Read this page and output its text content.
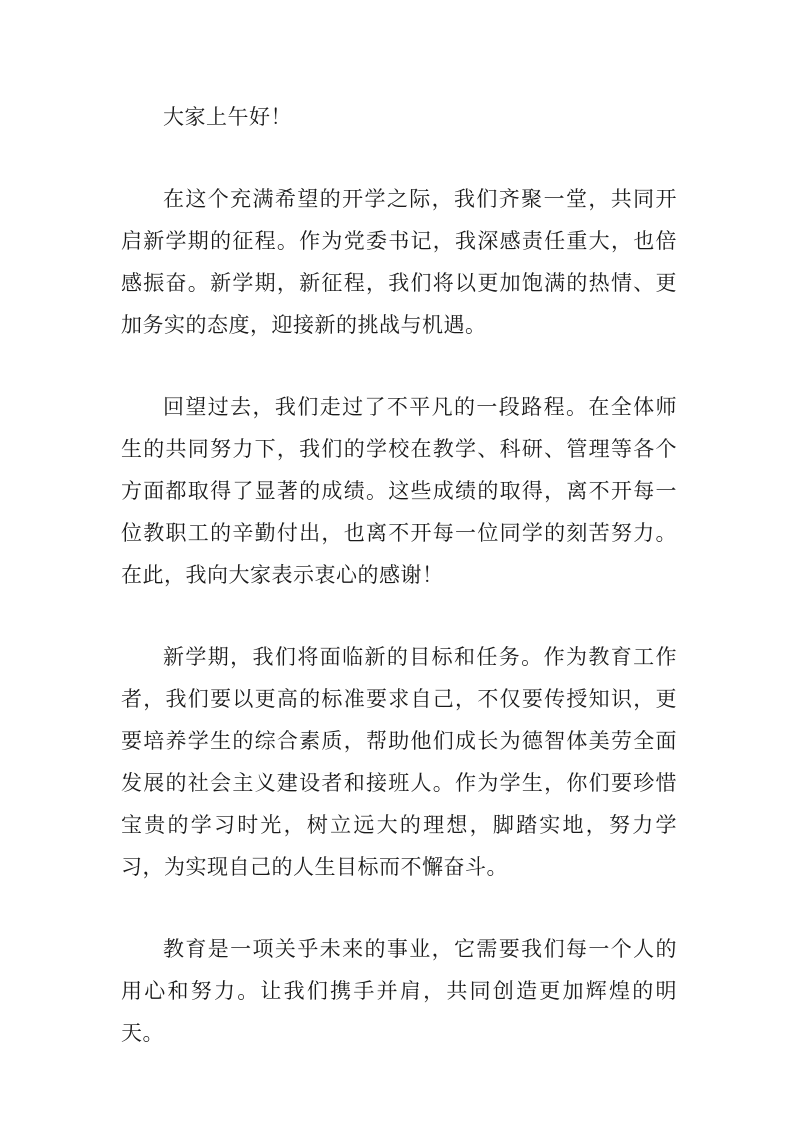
大家上午好！

在这个充满希望的开学之际，我们齐聚一堂，共同开启新学期的征程。作为党委书记，我深感责任重大，也倍感振奋。新学期，新征程，我们将以更加饱满的热情、更加务实的态度，迎接新的挑战与机遇。

回望过去，我们走过了不平凡的一段路程。在全体师生的共同努力下，我们的学校在教学、科研、管理等各个方面都取得了显著的成绩。这些成绩的取得，离不开每一位教职工的辛勤付出，也离不开每一位同学的刻苦努力。在此，我向大家表示衷心的感谢！

新学期，我们将面临新的目标和任务。作为教育工作者，我们要以更高的标准要求自己，不仅要传授知识，更要培养学生的综合素质，帮助他们成长为德智体美劳全面发展的社会主义建设者和接班人。作为学生，你们要珍惜宝贵的学习时光，树立远大的理想，脚踏实地，努力学习，为实现自己的人生目标而不懈奋斗。

教育是一项关乎未来的事业，它需要我们每一个人的用心和努力。让我们携手并肩，共同创造更加辉煌的明天。
